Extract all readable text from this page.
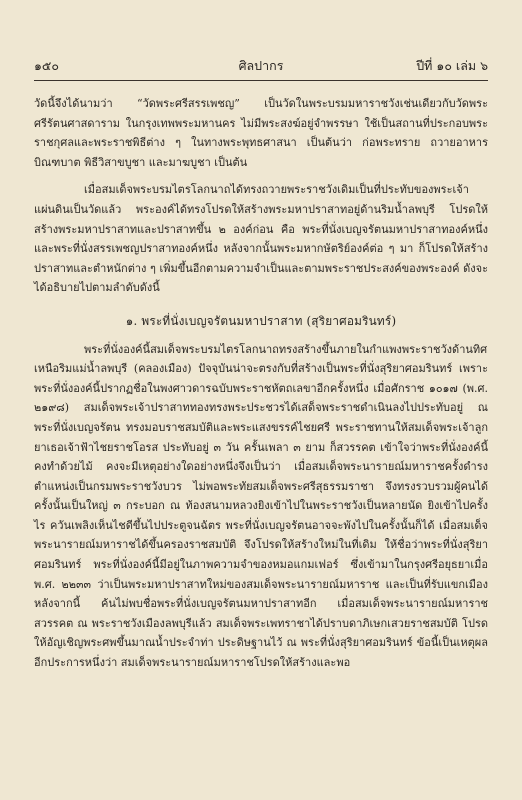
๑๕๐	ศิลปากร	ปีที่ ๑๐ เล่ม ๖

วัดนี้จึงได้นามว่า “วัดพระศรีสรรเพชญ” เป็นวัดในพระบรมมหาราชวังเช่นเดียวกับวัดพระศรีรัตนศาสดาราม ในกรุงเทพพระมหานคร ไม่มีพระสงฆ์อยู่จำพรรษา ใช้เป็นสถานที่ประกอบพระราชกุศลและพระราชพิธีต่าง ๆ ในทางพระพุทธศาสนา เป็นต้นว่า ก่อพระทราย ถวายอาหารบิณฑบาต พิธีวิสาขบูชา และมาฆบูชา เป็นต้น

เมื่อสมเด็จพระบรมไตรโลกนาถได้ทรงถวายพระราชวังเดิมเป็นที่ประทับของพระเจ้าแผ่นดินเป็นวัดแล้ว พระองค์ได้ทรงโปรดให้สร้างพระมหาปราสาทอยู่ด้านริมน้ำลพบุรี โปรดให้สร้างพระมหาปราสาทและปราสาทขึ้น ๒ องค์ก่อน คือ พระที่นั่งเบญจรัตนมหาปราสาทองค์หนึ่ง และพระที่นั่งสรรเพชญปราสาทองค์หนึ่ง หลังจากนั้นพระมหากษัตริย์องค์ต่อ ๆ มา ก็โปรดให้สร้างปราสาทและตำหนักต่าง ๆ เพิ่มขึ้นอีกตามความจำเป็นและตามพระราชประสงค์ของพระองค์ ดังจะได้อธิบายไปตามลำดับดังนี้

๑. พระที่นั่งเบญจรัตนมหาปราสาท (สุริยาศอมรินทร์)

พระที่นั่งองค์นี้สมเด็จพระบรมไตรโลกนาถทรงสร้างขึ้นภายในกำแพงพระราชวังด้านทิศเหนือริมแม่น้ำลพบุรี (คลองเมือง) ปัจจุบันน่าจะตรงกับที่สร้างเป็นพระที่นั่งสุริยาศอมรินทร์ เพราะพระที่นั่งองค์นี้ปรากฏชื่อในพงศาวดารฉบับพระราชหัตถเลขาอีกครั้งหนึ่ง เมื่อศักราช ๑๐๑๗ (พ.ศ. ๒๑๙๘) สมเด็จพระเจ้าปราสาททองทรงพระประชวรได้เสด็จพระราชดำเนินลงไปประทับอยู่ ณ พระที่นั่งเบญจรัตน ทรงมอบราชสมบัติและพระแสงขรรค์ไชยศรี พระราชทานให้สมเด็จพระเจ้าลูกยาเธอเจ้าฟ้าไชยราชโอรส ประทับอยู่ ๓ วัน ครั้นเพลา ๓ ยาม ก็สวรรคต เข้าใจว่าพระที่นั่งองค์นี้คงทำด้วยไม้ คงจะมีเหตุอย่างใดอย่างหนึ่งจึงเป็นว่า เมื่อสมเด็จพระนารายณ์มหาราชครั้งดำรงตำแหน่งเป็นกรมพระราชวังบวร ไม่พอพระทัยสมเด็จพระศรีสุธรรมราชา จึงทรงรวบรวมผู้คนได้ครั้งนั้นเป็นใหญ่ ๓ กระบอก ณ ท้องสนามหลวงยิงเข้าไปในพระราชวังเป็นหลายนัด ยิงเข้าไปครั้งไร ควันเพลิงเห็นไชดีขึ้นไปประตูจนฉัตร พระที่นั่งเบญจรัตนอาจจะพังไปในครั้งนั้นก็ได้ เมื่อสมเด็จพระนารายณ์มหาราชได้ขึ้นครองราชสมบัติ จึงโปรดให้สร้างใหม่ในที่เดิม ให้ชื่อว่าพระที่นั่งสุริยาศอมรินทร์ พระที่นั่งองค์นี้มีอยู่ในภาพความจำของหมอแกมเฟอร์ ซึ่งเข้ามาในกรุงศรีอยุธยาเมื่อ พ.ศ. ๒๒๓๓ ว่าเป็นพระมหาปราสาทใหม่ของสมเด็จพระนารายณ์มหาราช และเป็นที่รับแขกเมือง หลังจากนี้ ค้นไม่พบชื่อพระที่นั่งเบญจรัตนมหาปราสาทอีก เมื่อสมเด็จพระนารายณ์มหาราชสวรรคต ณ พระราชวังเมืองลพบุรีแล้ว สมเด็จพระเพทราชาได้ปราบดาภิเษกเสวยราชสมบัติ โปรดให้อัญเชิญพระศพขึ้นมาณน้ำประจำท่า ประดิษฐานไว้ ณ พระที่นั่งสุริยาศอมรินทร์ ข้อนี้เป็นเหตุผลอีกประการหนึ่งว่า สมเด็จพระนารายณ์มหาราชโปรดให้สร้างและพอ
